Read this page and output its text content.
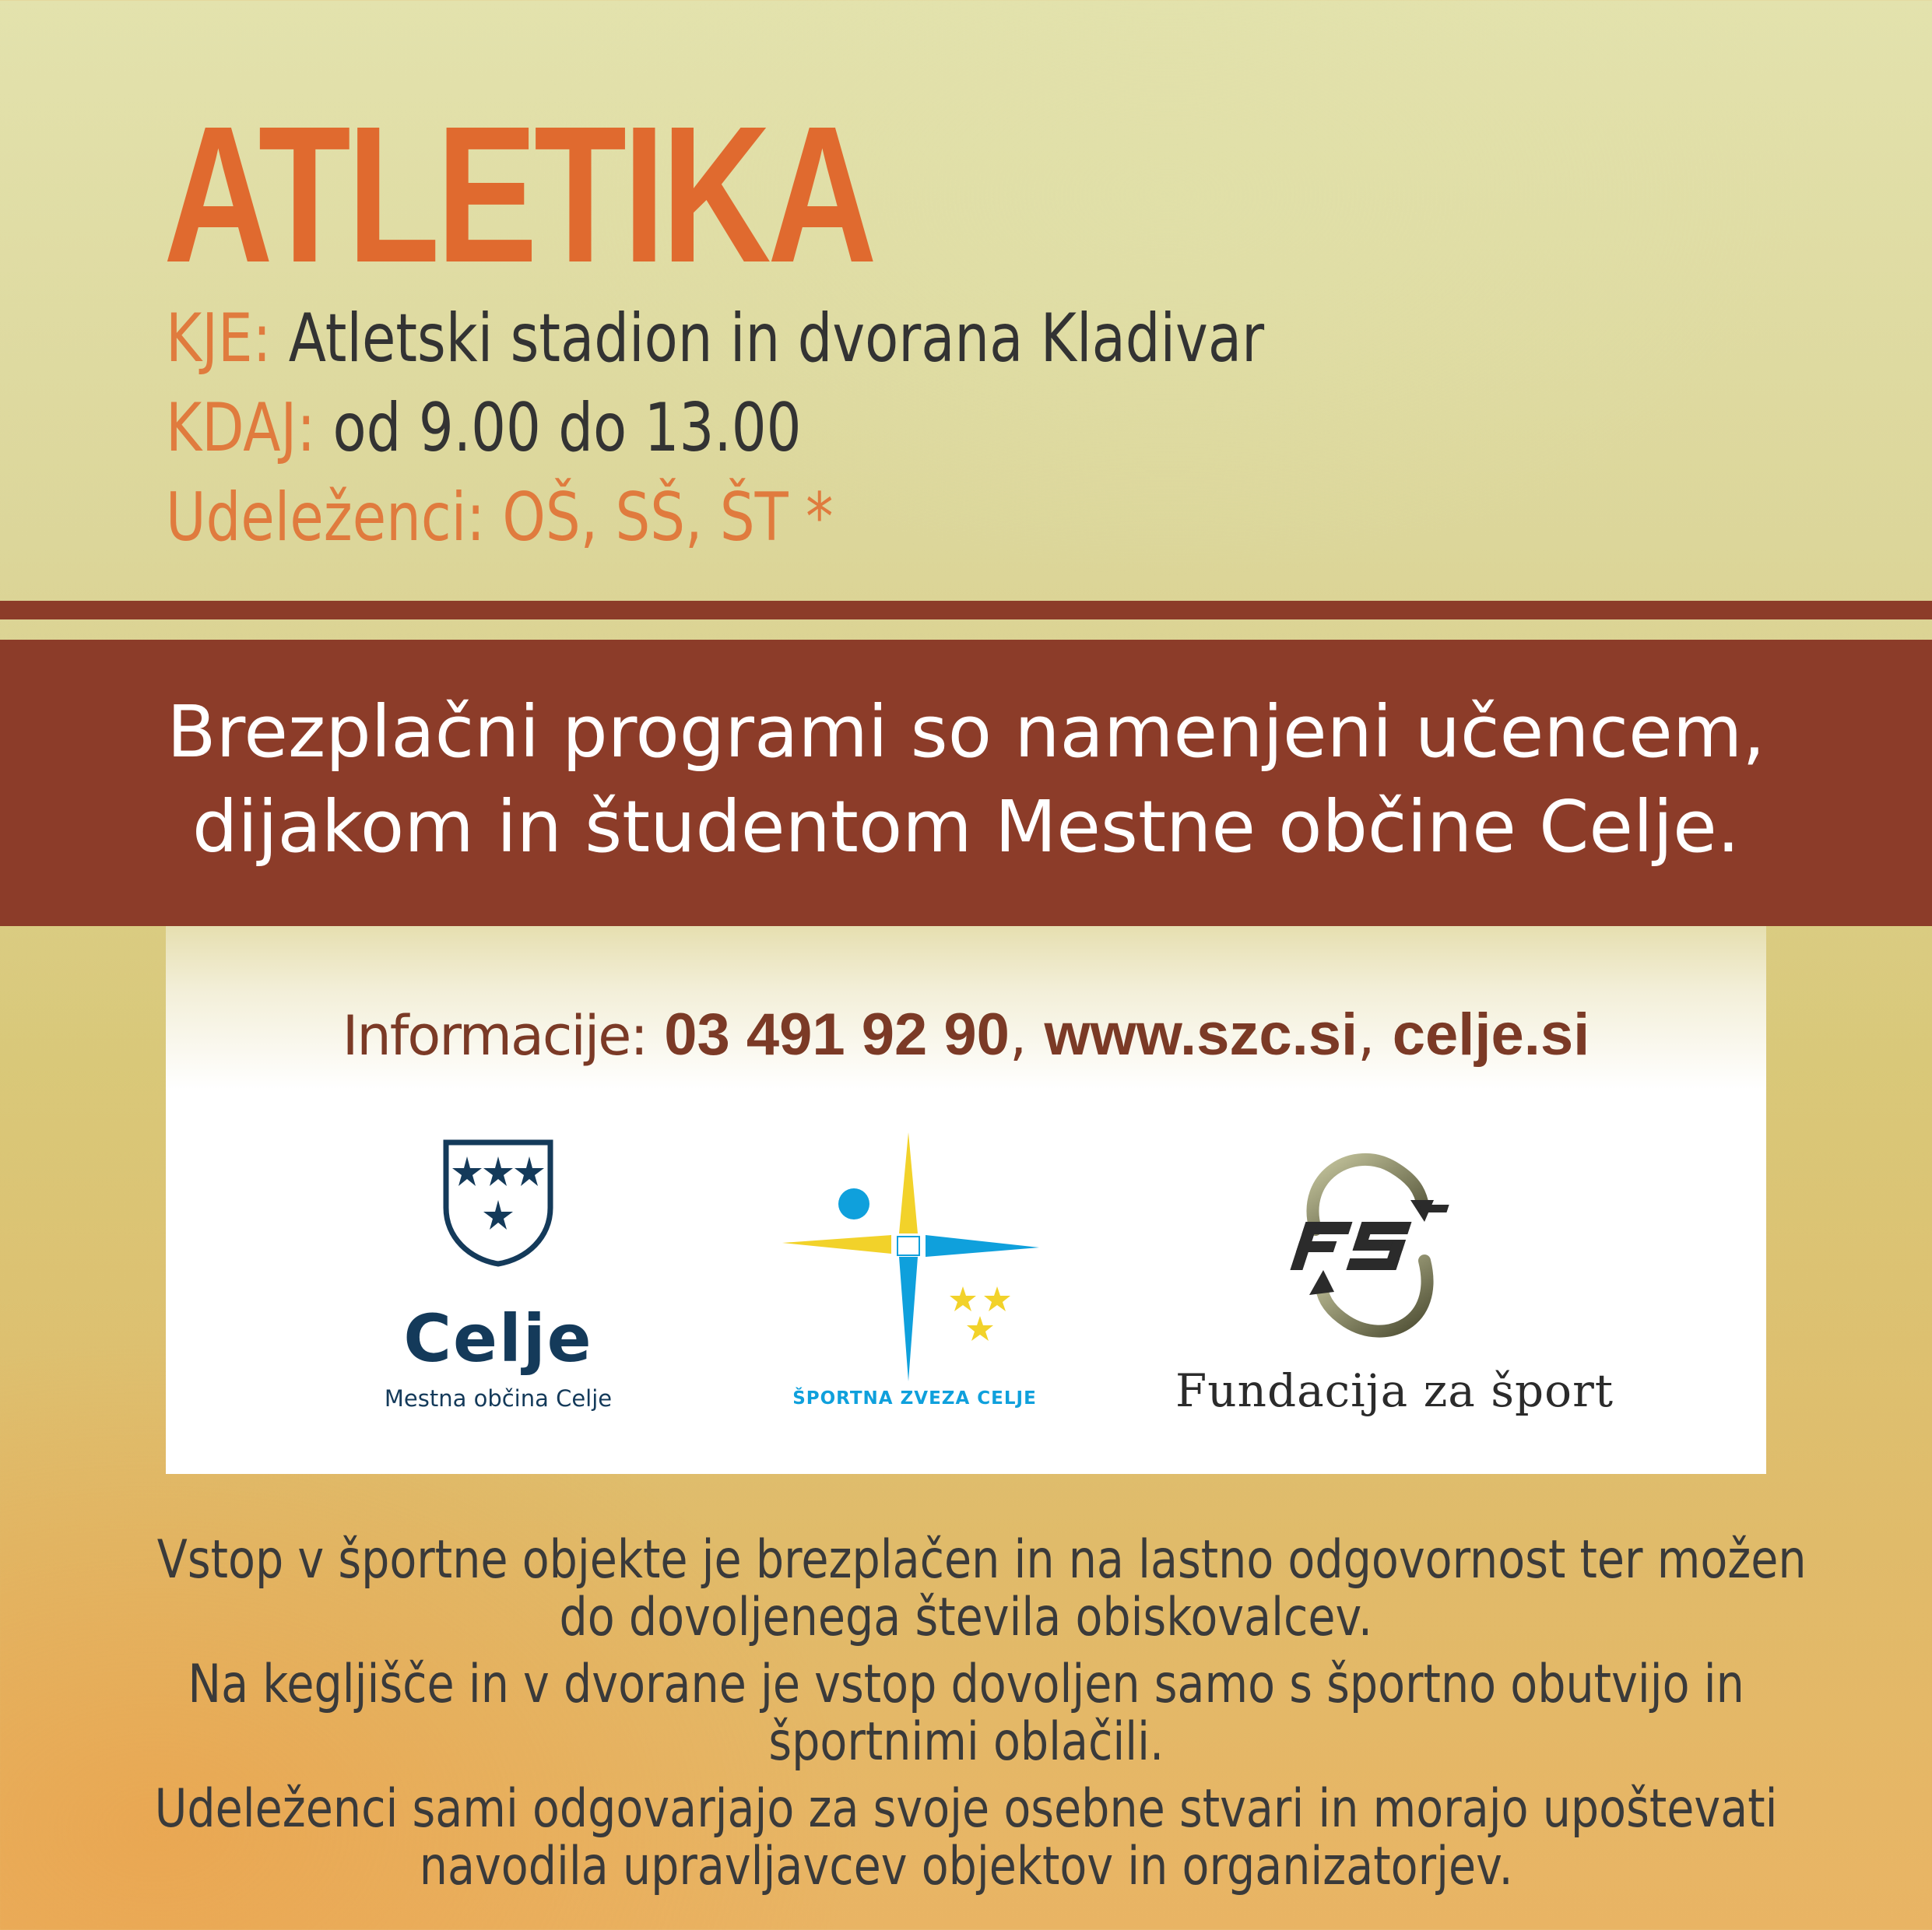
ATLETIKA

KJE: Atletski stadion in dvorana Kladivar

KDAJ: od 9.00 do 13.00

Udeleženci: OŠ, SŠ, ŠT *

Brezplačni programi so namenjeni učencem,
dijakom in študentom Mestne občine Celje.

Informacije: 03 491 92 90, www.szc.si, celje.si

Celje

Mestna občina Celje	ŠPORTNA ZVEZA CELJE	Fundacija za šport

Vstop v športne objekte je brezplačen in na lastno odgovornost ter možen
do dovoljenega števila obiskovalcev.
Na kegljišče in v dvorane je vstop dovoljen samo s športno obutvijo in
športnimi oblačili.
Udeleženci sami odgovarjajo za svoje osebne stvari in morajo upoštevati
navodila upravljavcev objektov in organizatorjev.
